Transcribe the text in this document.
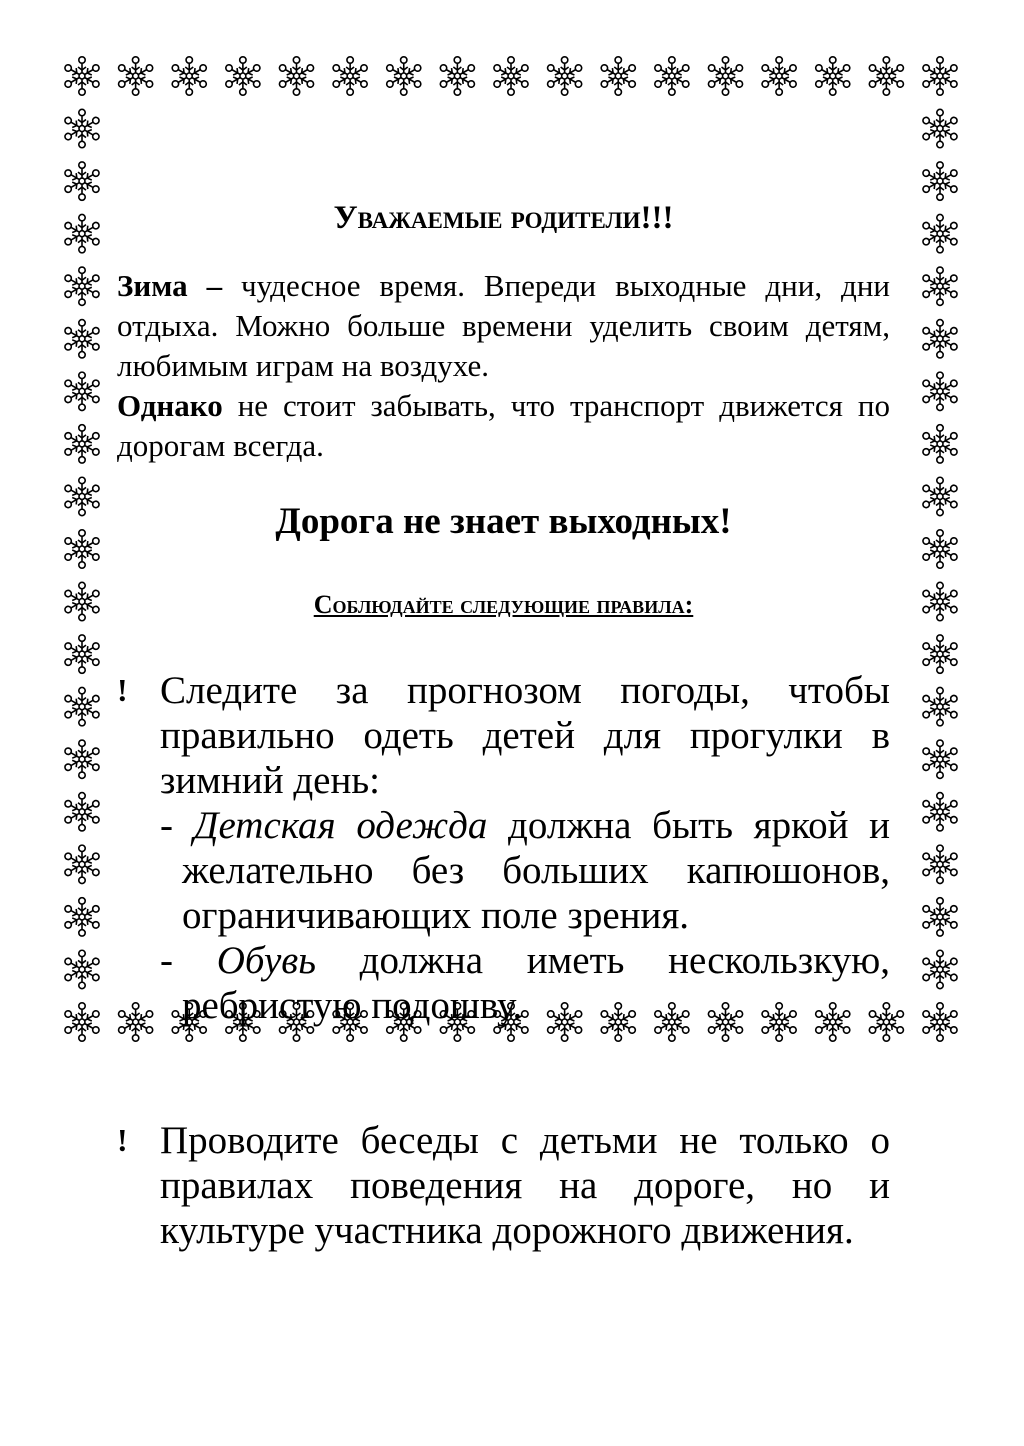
Уважаемые родители!!!

Зима – чудесное время. Впереди выходные дни, дни отдыха. Можно больше времени уделить своим детям, любимым играм на воздухе.

Однако не стоит забывать, что транспорт движется по дорогам всегда.

Дорога не знает выходных!
Соблюдайте следующие правила:
! Следите за прогнозом погоды, чтобы правильно одеть детей для прогулки в зимний день:
- Детская одежда должна быть яркой и желательно без больших капюшонов, ограничивающих поле зрения.
- Обувь должна иметь нескользкую, ребристую подошву.
! Проводите беседы с детьми не только о правилах поведения на дороге, но и культуре участника дорожного движения.
